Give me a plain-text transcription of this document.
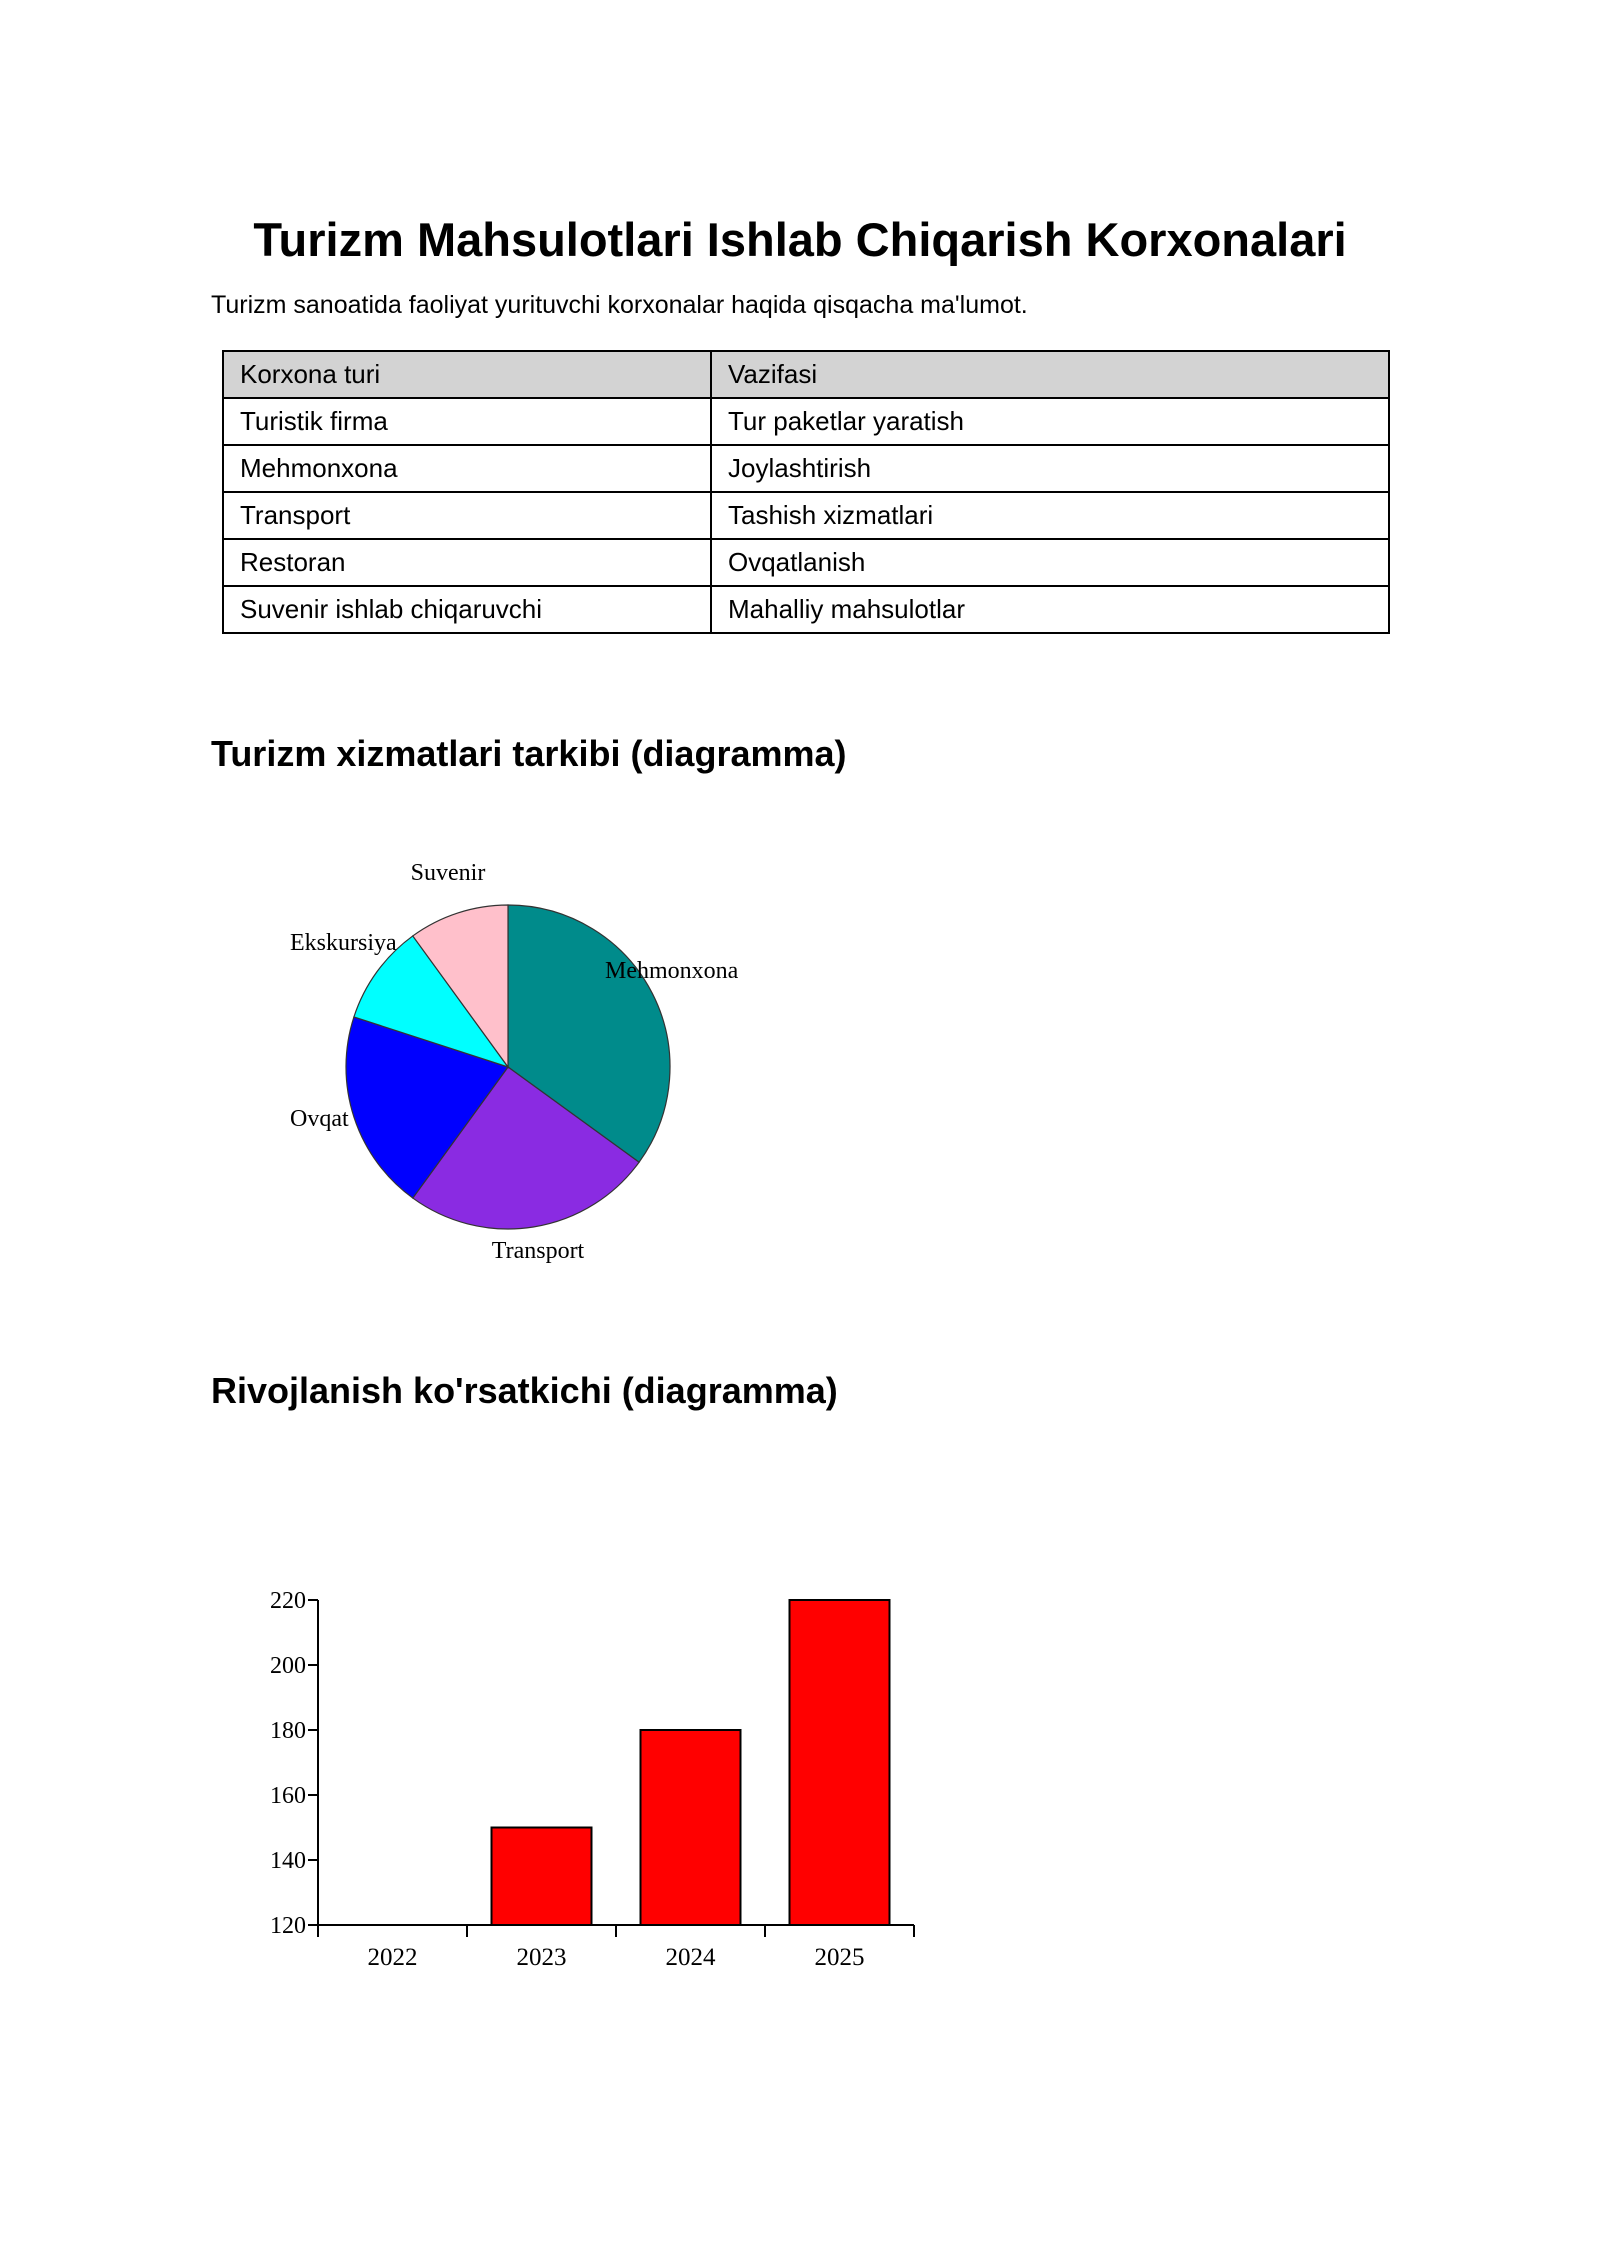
Turizm Mahsulotlari Ishlab Chiqarish Korxonalari

Turizm sanoatida faoliyat yurituvchi korxonalar haqida qisqacha ma'lumot.

Korxona turi	Vazifasi
Turistik firma	Tur paketlar yaratish
Mehmonxona	Joylashtirish
Transport	Tashish xizmatlari
Restoran	Ovqatlanish
Suvenir ishlab chiqaruvchi	Mahalliy mahsulotlar
Turizm xizmatlari tarkibi (diagramma)
Mehmonxona
Transport
Ovqat
Ekskursiya
Suvenir
Rivojlanish ko'rsatkichi (diagramma)
120
140
160
180
200
220
2022	2023	2024	2025
